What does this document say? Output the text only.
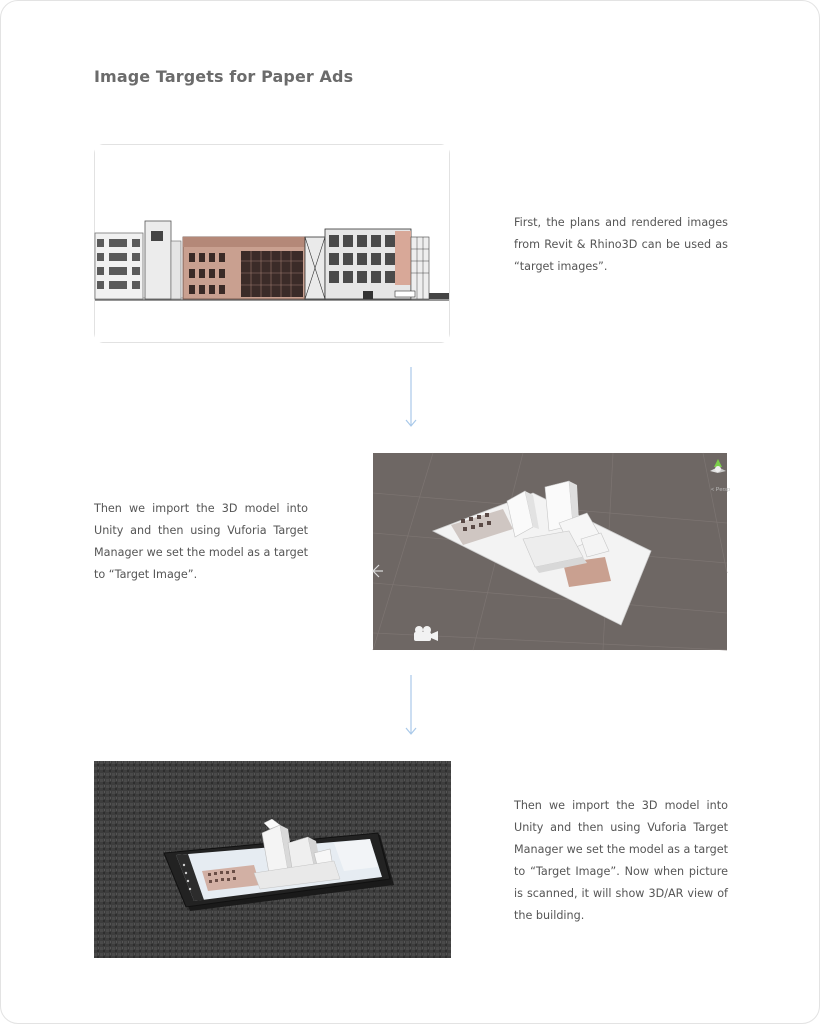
Image Targets for Paper Ads
First, the plans and rendered images from Revit & Rhino3D can be used as “target images”.
Then we import the 3D model into Unity and then using Vuforia Target Manager we set the model as a target to “Target Image”.
< Persp
Then we import the 3D model into Unity and then using Vuforia Target Manager we set the model as a target to “Target Image”. Now when picture is scanned, it will show 3D/AR view of the building.
